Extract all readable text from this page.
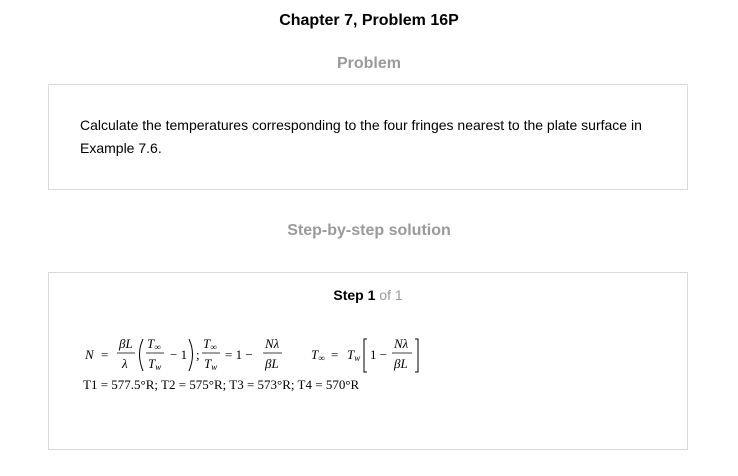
Chapter 7, Problem 16P
Problem
Calculate the temperatures corresponding to the four fringes nearest to the plate surface in Example 7.6.
Step-by-step solution
Step 1 of 1
N =
βL
λ
T∞
Tw
− 1 ;
T∞
Tw
= 1 −
Nλ
βL
T∞ = Tw 1 −
Nλ
βL
T1 = 577.5°R; T2 = 575°R; T3 = 573°R; T4 = 570°R
